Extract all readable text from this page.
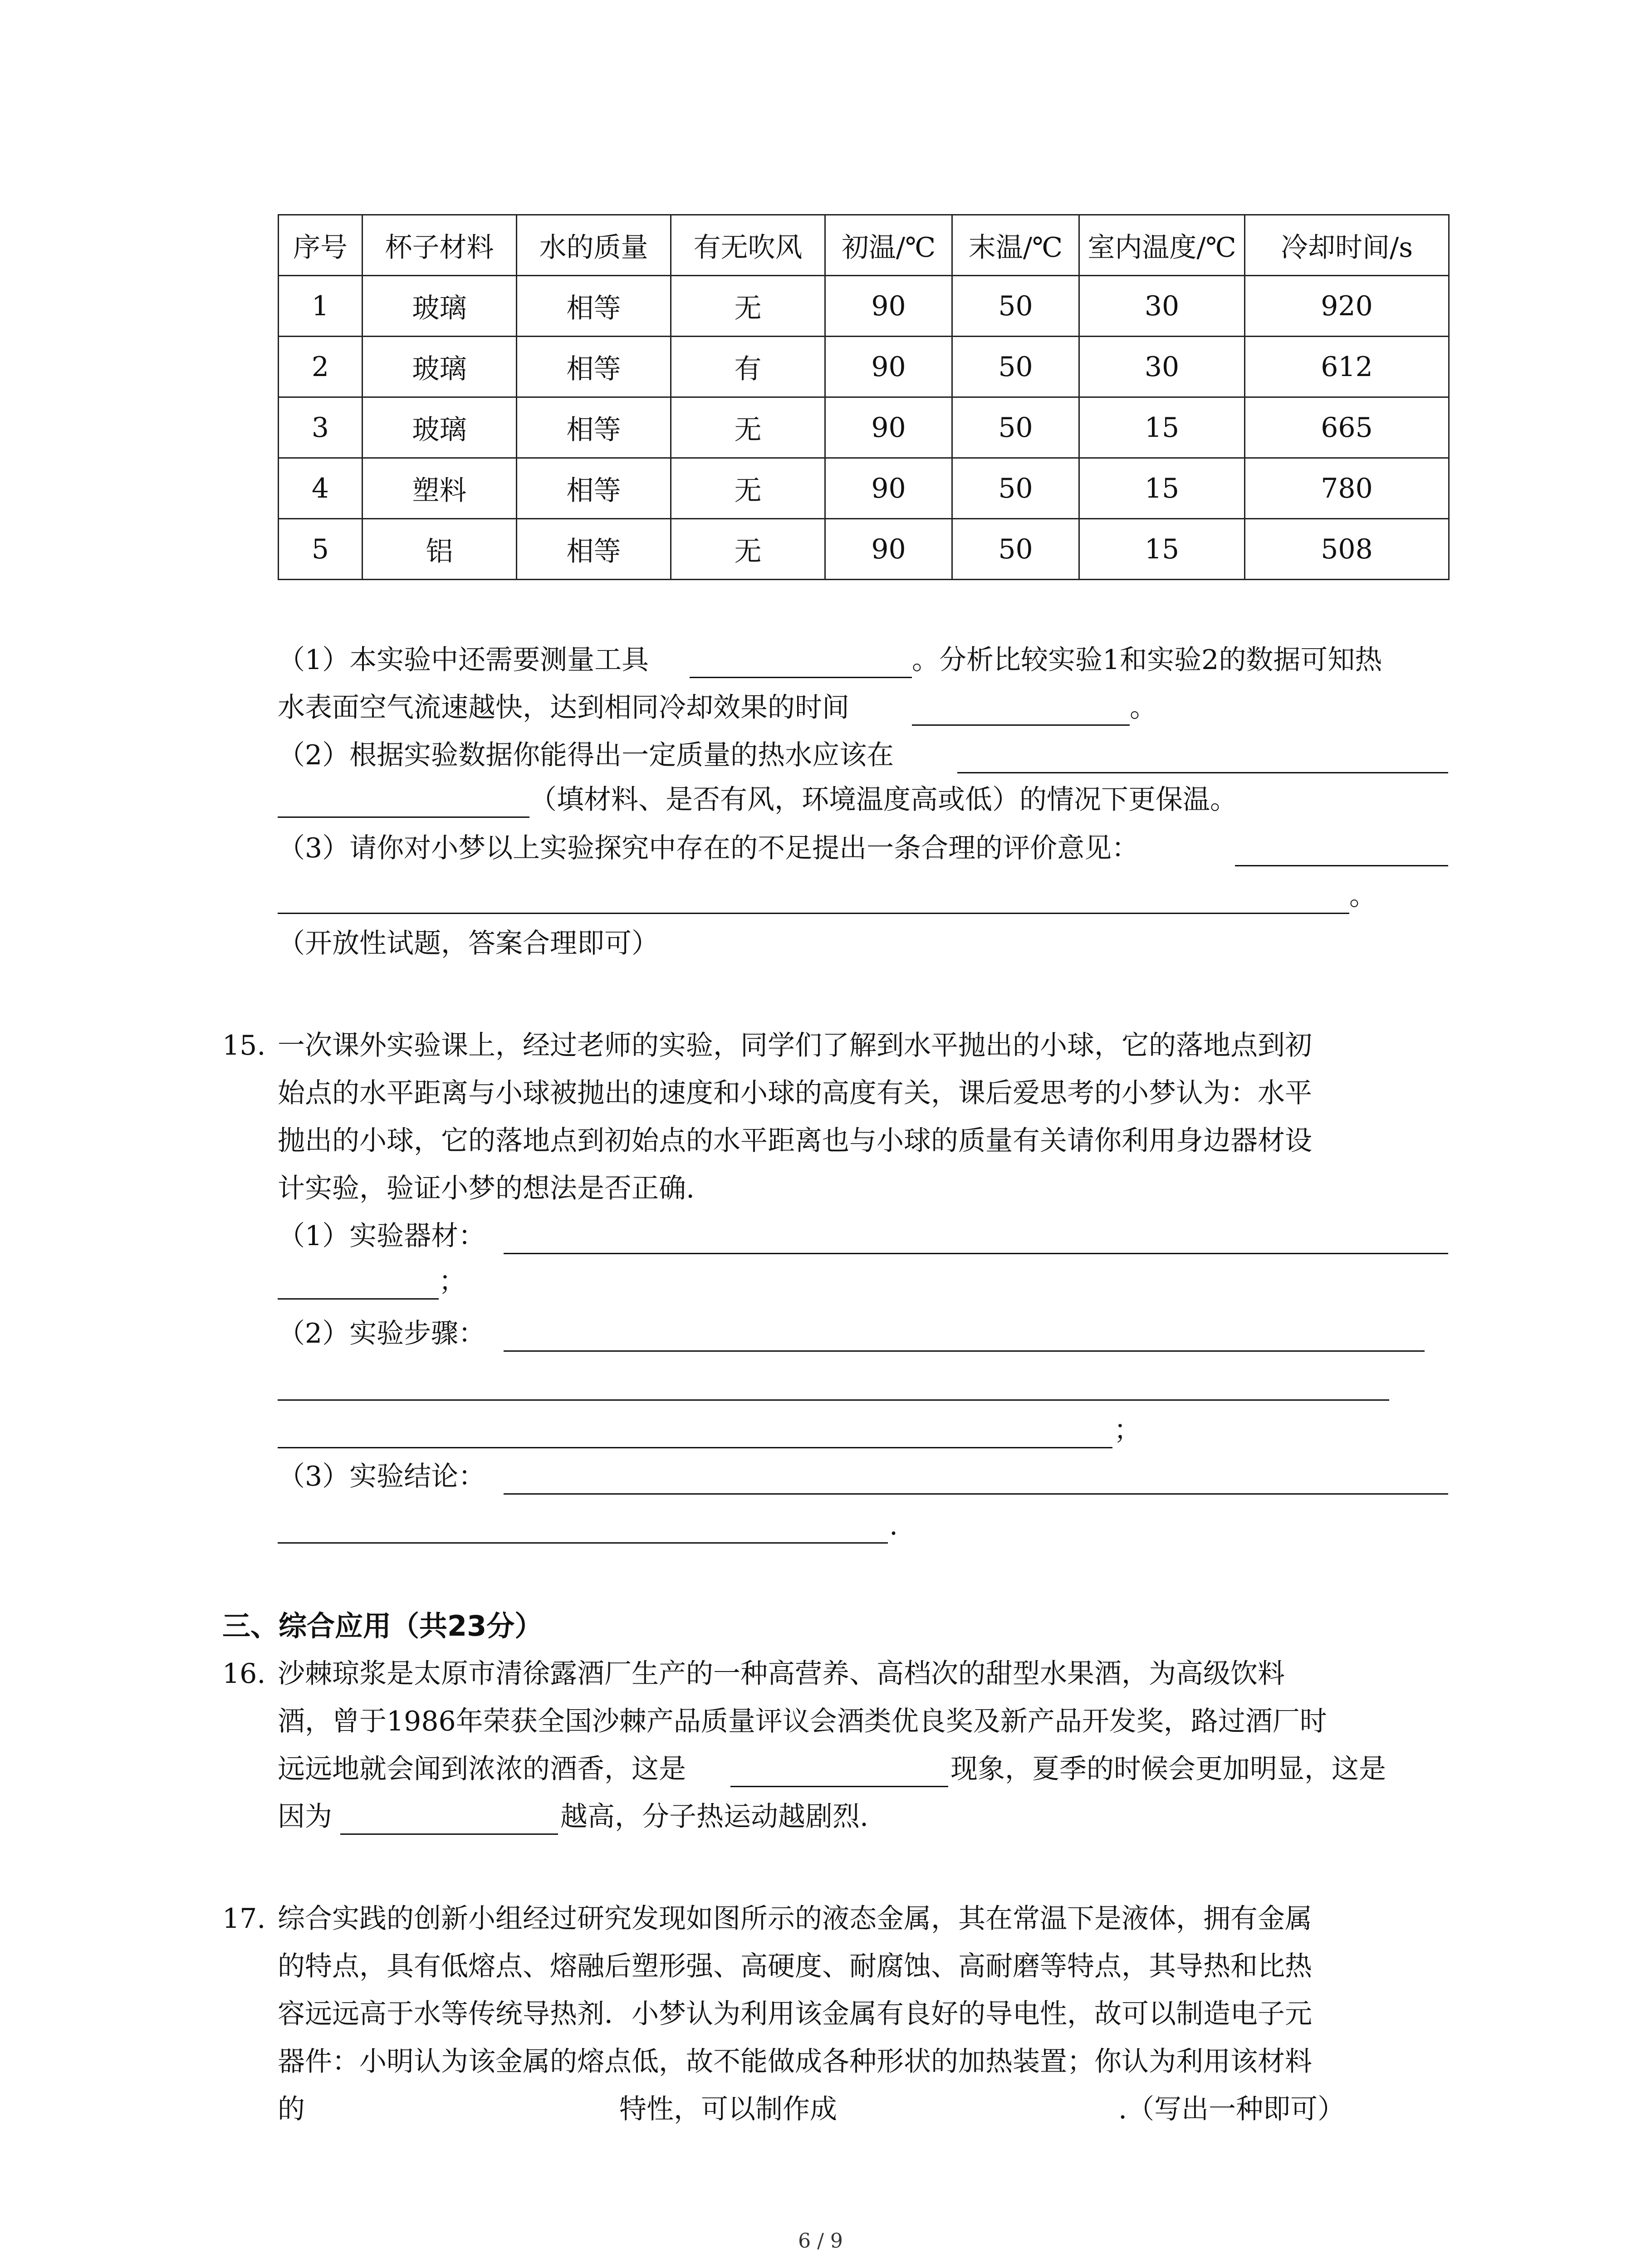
序号	杯子材料	水的质量	有无吹风	初温/℃	末温/℃	室内温度/℃	冷却时间/s
1	玻璃	相等	无	90	50	30	920
2	玻璃	相等	有	90	50	30	612
3	玻璃	相等	无	90	50	15	665
4	塑料	相等	无	90	50	15	780
5	铝	相等	无	90	50	15	508
（1）本实验中还需要测量工具	。分析比较实验1和实验2的数据可知热
水表面空气流速越快，达到相同冷却效果的时间	。
（2）根据实验数据你能得出一定质量的热水应该在
（填材料、是否有风，环境温度高或低）的情况下更保温。
（3）请你对小梦以上实验探究中存在的不足提出一条合理的评价意见：
。
（开放性试题，答案合理即可）
15. 一次课外实验课上，经过老师的实验，同学们了解到水平抛出的小球，它的落地点到初
始点的水平距离与小球被抛出的速度和小球的高度有关，课后爱思考的小梦认为：水平
抛出的小球，它的落地点到初始点的水平距离也与小球的质量有关请你利用身边器材设
计实验，验证小梦的想法是否正确.
（1）实验器材：
；
（2）实验步骤：
；
（3）实验结论：
.
三、综合应用（共23分）
16. 沙棘琼浆是太原市清徐露酒厂生产的一种高营养、高档次的甜型水果酒，为高级饮料
酒，曾于1986年荣获全国沙棘产品质量评议会酒类优良奖及新产品开发奖，路过酒厂时
远远地就会闻到浓浓的酒香，这是	现象，夏季的时候会更加明显，这是
因为	越高，分子热运动越剧烈.
17. 综合实践的创新小组经过研究发现如图所示的液态金属，其在常温下是液体，拥有金属
的特点，具有低熔点、熔融后塑形强、高硬度、耐腐蚀、高耐磨等特点，其导热和比热
容远远高于水等传统导热剂．小梦认为利用该金属有良好的导电性，故可以制造电子元
器件：小明认为该金属的熔点低，故不能做成各种形状的加热装置；你认为利用该材料
的	特性，可以制作成	.（写出一种即可）
6 / 9
